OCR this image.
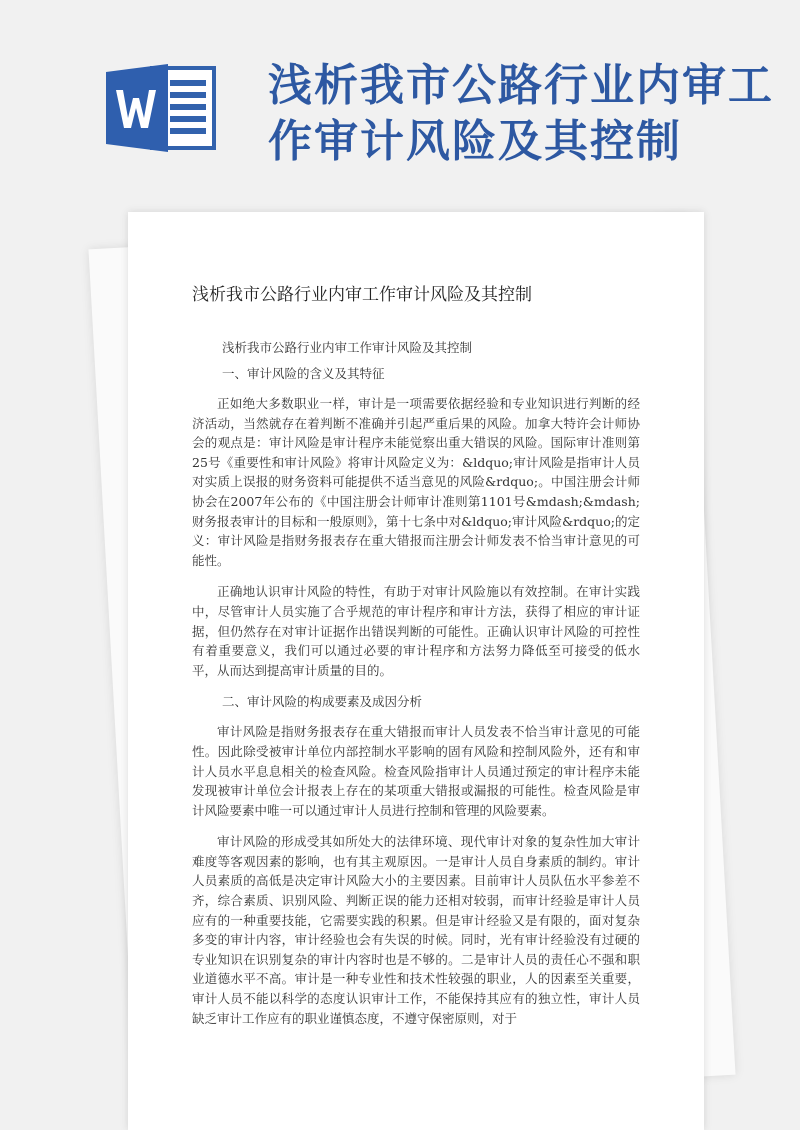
浅析我市公路行业内审工作审计风险及其控制
浅析我市公路行业内审工作审计风险及其控制

浅析我市公路行业内审工作审计风险及其控制

一、审计风险的含义及其特征

正如绝大多数职业一样，审计是一项需要依据经验和专业知识进行判断的经济活动，当然就存在着判断不准确并引起严重后果的风险。加拿大特许会计师协会的观点是：审计风险是审计程序未能觉察出重大错误的风险。国际审计准则第25号《重要性和审计风险》将审计风险定义为：&ldquo;审计风险是指审计人员对实质上误报的财务资料可能提供不适当意见的风险&rdquo;。中国注册会计师协会在2007年公布的《中国注册会计师审计准则第1101号&mdash;&mdash;财务报表审计的目标和一般原则》，第十七条中对&ldquo;审计风险&rdquo;的定义：审计风险是指财务报表存在重大错报而注册会计师发表不恰当审计意见的可能性。

正确地认识审计风险的特性，有助于对审计风险施以有效控制。在审计实践中，尽管审计人员实施了合乎规范的审计程序和审计方法，获得了相应的审计证据，但仍然存在对审计证据作出错误判断的可能性。正确认识审计风险的可控性有着重要意义，我们可以通过必要的审计程序和方法努力降低至可接受的低水平，从而达到提高审计质量的目的。

二、审计风险的构成要素及成因分析

审计风险是指财务报表存在重大错报而审计人员发表不恰当审计意见的可能性。因此除受被审计单位内部控制水平影响的固有风险和控制风险外，还有和审计人员水平息息相关的检查风险。检查风险指审计人员通过预定的审计程序未能发现被审计单位会计报表上存在的某项重大错报或漏报的可能性。检查风险是审计风险要素中唯一可以通过审计人员进行控制和管理的风险要素。

审计风险的形成受其如所处大的法律环境、现代审计对象的复杂性加大审计难度等客观因素的影响，也有其主观原因。一是审计人员自身素质的制约。审计人员素质的高低是决定审计风险大小的主要因素。目前审计人员队伍水平参差不齐，综合素质、识别风险、判断正误的能力还相对较弱，而审计经验是审计人员应有的一种重要技能，它需要实践的积累。但是审计经验又是有限的，面对复杂多变的审计内容，审计经验也会有失误的时候。同时，光有审计经验没有过硬的专业知识在识别复杂的审计内容时也是不够的。二是审计人员的责任心不强和职业道德水平不高。审计是一种专业性和技术性较强的职业，人的因素至关重要，审计人员不能以科学的态度认识审计工作，不能保持其应有的独立性，审计人员缺乏审计工作应有的职业谨慎态度，不遵守保密原则，对于
